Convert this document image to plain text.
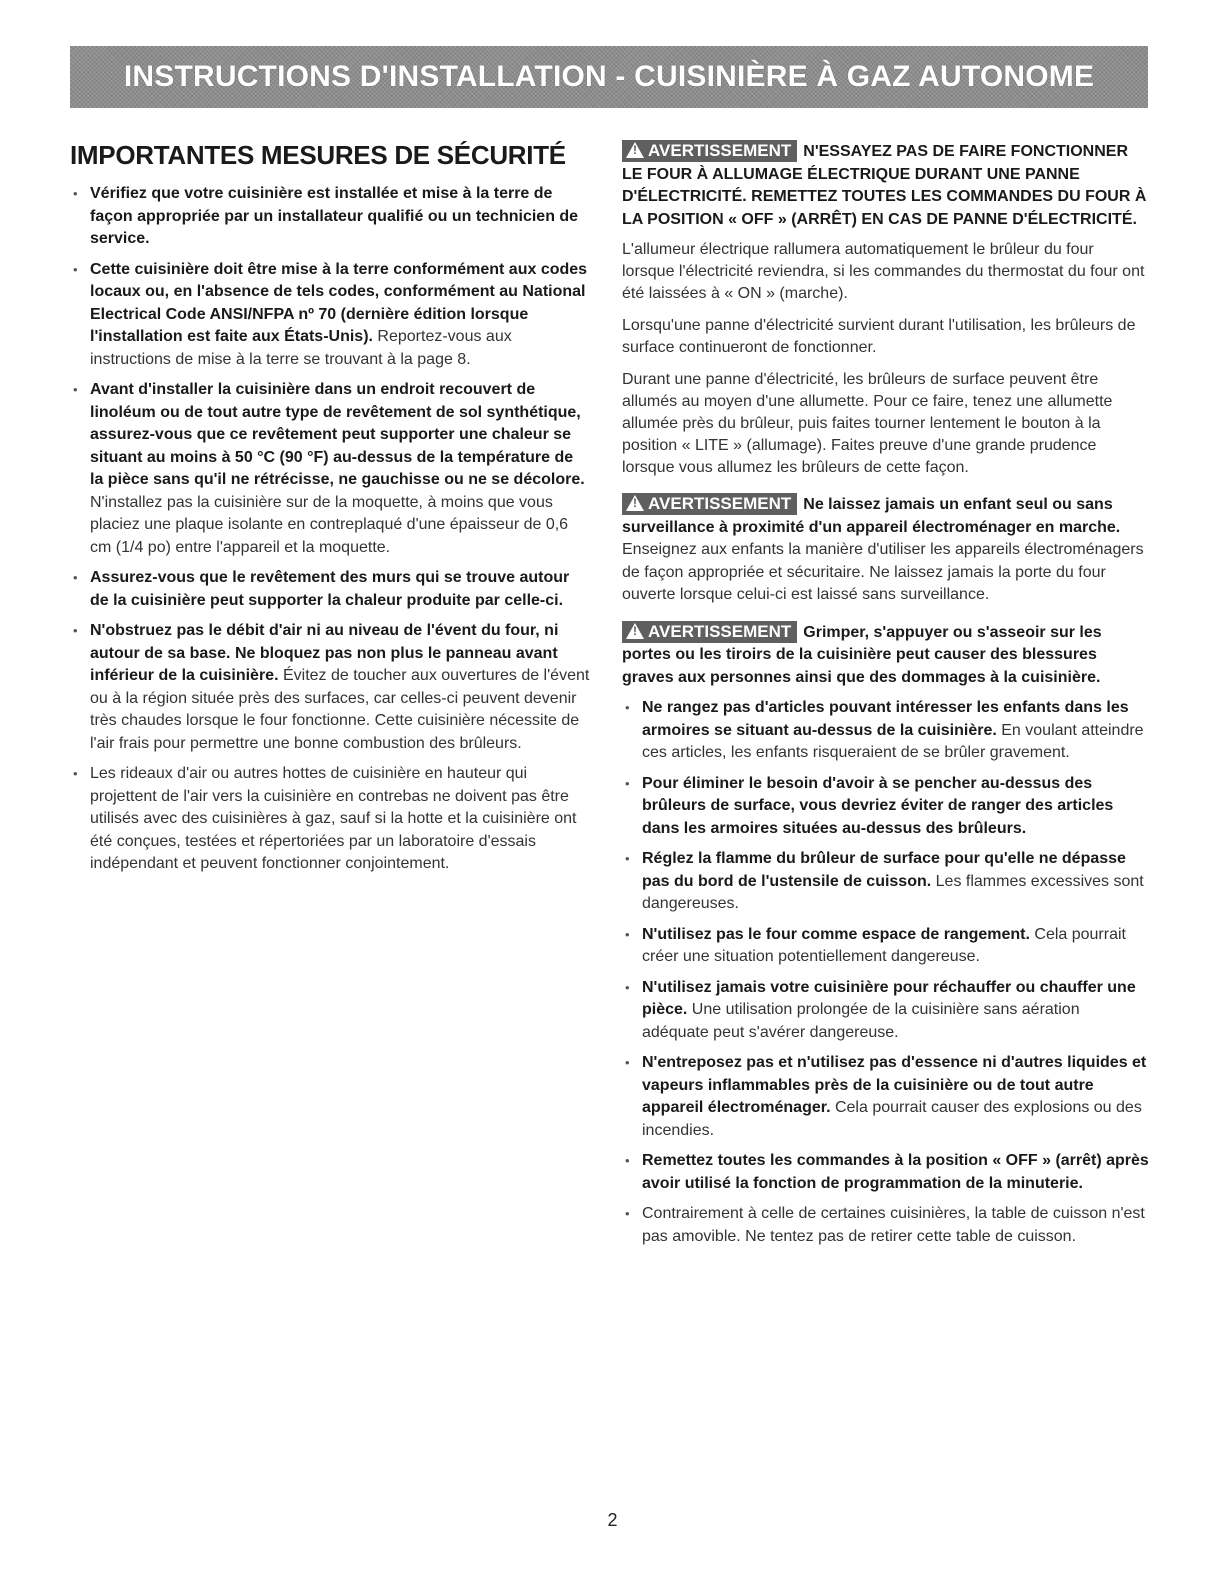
INSTRUCTIONS D'INSTALLATION - CUISINIÈRE À GAZ AUTONOME
IMPORTANTES MESURES DE SÉCURITÉ
• Vérifiez que votre cuisinière est installée et mise à la terre de façon appropriée par un installateur qualifié ou un technicien de service.
• Cette cuisinière doit être mise à la terre conformément aux codes locaux ou, en l'absence de tels codes, conformément au National Electrical Code ANSI/NFPA nº 70 (dernière édition lorsque l'installation est faite aux États-Unis). Reportez-vous aux instructions de mise à la terre se trouvant à la page 8.
• Avant d'installer la cuisinière dans un endroit recouvert de linoléum ou de tout autre type de revêtement de sol synthétique, assurez-vous que ce revêtement peut supporter une chaleur se situant au moins à 50 °C (90 °F) au-dessus de la température de la pièce sans qu'il ne rétrécisse, ne gauchisse ou ne se décolore. N'installez pas la cuisinière sur de la moquette, à moins que vous placiez une plaque isolante en contreplaqué d'une épaisseur de 0,6 cm (1/4 po) entre l'appareil et la moquette.
• Assurez-vous que le revêtement des murs qui se trouve autour de la cuisinière peut supporter la chaleur produite par celle-ci.
• N'obstruez pas le débit d'air ni au niveau de l'évent du four, ni autour de sa base. Ne bloquez pas non plus le panneau avant inférieur de la cuisinière. Évitez de toucher aux ouvertures de l'évent ou à la région située près des surfaces, car celles-ci peuvent devenir très chaudes lorsque le four fonctionne. Cette cuisinière nécessite de l'air frais pour permettre une bonne combustion des brûleurs.
• Les rideaux d'air ou autres hottes de cuisinière en hauteur qui projettent de l'air vers la cuisinière en contrebas ne doivent pas être utilisés avec des cuisinières à gaz, sauf si la hotte et la cuisinière ont été conçues, testées et répertoriées par un laboratoire d'essais indépendant et peuvent fonctionner conjointement.
!AVERTISSEMENT N'ESSAYEZ PAS DE FAIRE FONCTIONNER LE FOUR À ALLUMAGE ÉLECTRIQUE DURANT UNE PANNE D'ÉLECTRICITÉ. REMETTEZ TOUTES LES COMMANDES DU FOUR À LA POSITION « OFF » (ARRÊT) EN CAS DE PANNE D'ÉLECTRICITÉ.

L'allumeur électrique rallumera automatiquement le brûleur du four lorsque l'électricité reviendra, si les commandes du thermostat du four ont été laissées à « ON » (marche).

Lorsqu'une panne d'électricité survient durant l'utilisation, les brûleurs de surface continueront de fonctionner.

Durant une panne d'électricité, les brûleurs de surface peuvent être allumés au moyen d'une allumette. Pour ce faire, tenez une allumette allumée près du brûleur, puis faites tourner lentement le bouton à la position « LITE » (allumage). Faites preuve d'une grande prudence lorsque vous allumez les brûleurs de cette façon.

!AVERTISSEMENT Ne laissez jamais un enfant seul ou sans surveillance à proximité d'un appareil électroménager en marche. Enseignez aux enfants la manière d'utiliser les appareils électroménagers de façon appropriée et sécuritaire. Ne laissez jamais la porte du four ouverte lorsque celui-ci est laissé sans surveillance.
!AVERTISSEMENT Grimper, s'appuyer ou s'asseoir sur les portes ou les tiroirs de la cuisinière peut causer des blessures graves aux personnes ainsi que des dommages à la cuisinière.
• Ne rangez pas d'articles pouvant intéresser les enfants dans les armoires se situant au-dessus de la cuisinière. En voulant atteindre ces articles, les enfants risqueraient de se brûler gravement.
• Pour éliminer le besoin d'avoir à se pencher au-dessus des brûleurs de surface, vous devriez éviter de ranger des articles dans les armoires situées au-dessus des brûleurs.
• Réglez la flamme du brûleur de surface pour qu'elle ne dépasse pas du bord de l'ustensile de cuisson. Les flammes excessives sont dangereuses.
• N'utilisez pas le four comme espace de rangement. Cela pourrait créer une situation potentiellement dangereuse.
• N'utilisez jamais votre cuisinière pour réchauffer ou chauffer une pièce. Une utilisation prolongée de la cuisinière sans aération adéquate peut s'avérer dangereuse.
• N'entreposez pas et n'utilisez pas d'essence ni d'autres liquides et vapeurs inflammables près de la cuisinière ou de tout autre appareil électroménager. Cela pourrait causer des explosions ou des incendies.
• Remettez toutes les commandes à la position « OFF » (arrêt) après avoir utilisé la fonction de programmation de la minuterie.
• Contrairement à celle de certaines cuisinières, la table de cuisson n'est pas amovible. Ne tentez pas de retirer cette table de cuisson.
2
